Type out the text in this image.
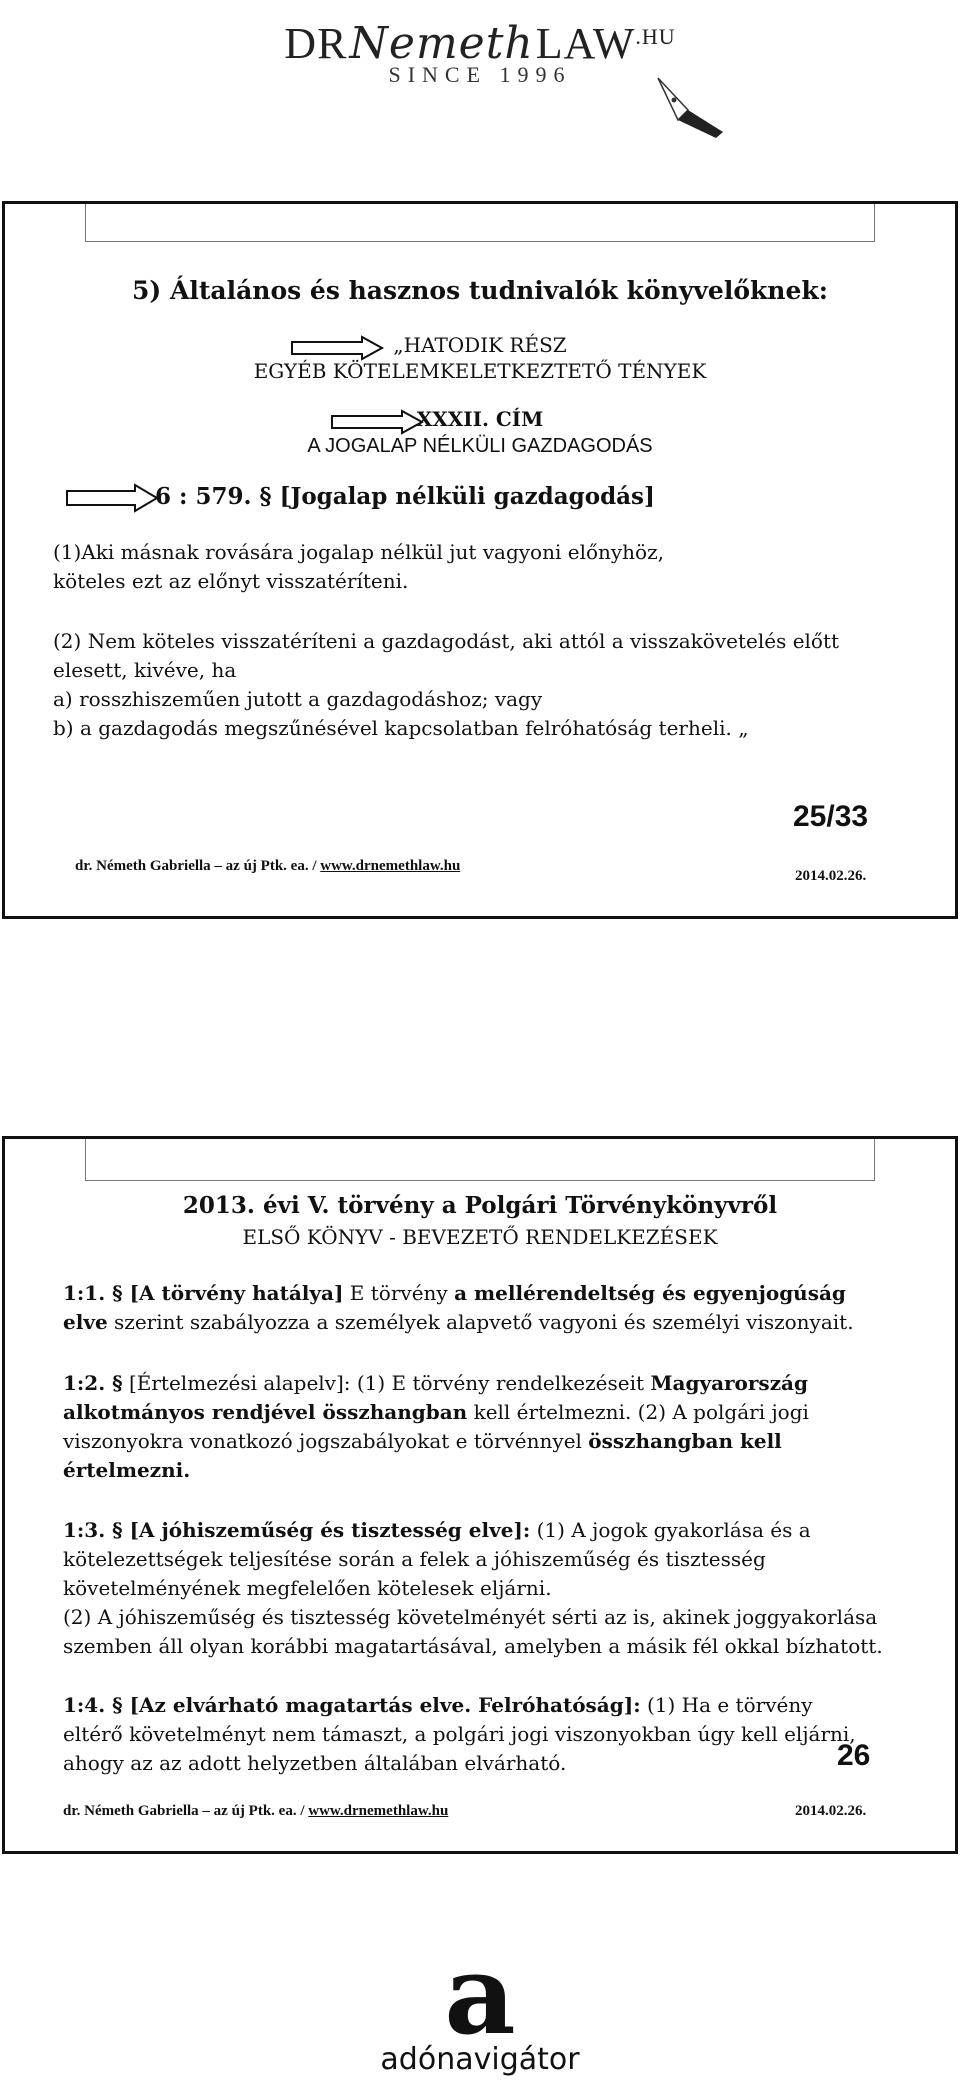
DRNemethLAW$^{.HU}$
SINCE 1996
5) Általános és hasznos tudnivalók könyvelőknek:
„HATODIK RÉSZ
EGYÉB KÖTELEMKELETKEZTETŐ TÉNYEK
XXXII. CÍM
A JOGALAP NÉLKÜLI GAZDAGODÁS
6 : 579. § [Jogalap nélküli gazdagodás]
(1)Aki másnak rovására jogalap nélkül jut vagyoni előnyhöz,
köteles ezt az előnyt visszatéríteni.
(2) Nem köteles visszatéríteni a gazdagodást, aki attól a visszakövetelés előtt
elesett, kivéve, ha
a) rosszhiszeműen jutott a gazdagodáshoz; vagy
b) a gazdagodás megszűnésével kapcsolatban felróhatóság terheli. „
25/33
dr. Németh Gabriella – az új Ptk. ea. / www.drnemethlaw.hu
2014.02.26.
2013. évi V. törvény a Polgári Törvénykönyvről
ELSŐ KÖNYV - BEVEZETŐ RENDELKEZÉSEK
1:1. § [A törvény hatálya] E törvény a mellérendeltség és egyenjogúság
elve szerint szabályozza a személyek alapvető vagyoni és személyi viszonyait.
1:2. § [Értelmezési alapelv]: (1) E törvény rendelkezéseit Magyarország
alkotmányos rendjével összhangban kell értelmezni. (2) A polgári jogi
viszonyokra vonatkozó jogszabályokat e törvénnyel összhangban kell
értelmezni.
1:3. § [A jóhiszeműség és tisztesség elve]: (1) A jogok gyakorlása és a
kötelezettségek teljesítése során a felek a jóhiszeműség és tisztesség
követelményének megfelelően kötelesek eljárni.
(2) A jóhiszeműség és tisztesség követelményét sérti az is, akinek joggyakorlása
szemben áll olyan korábbi magatartásával, amelyben a másik fél okkal bízhatott.
1:4. § [Az elvárható magatartás elve. Felróhatóság]: (1) Ha e törvény
eltérő követelményt nem támaszt, a polgári jogi viszonyokban úgy kell eljárni,
ahogy az az adott helyzetben általában elvárható.	26
dr. Németh Gabriella – az új Ptk. ea. / www.drnemethlaw.hu	2014.02.26.
a
adónavigátor
